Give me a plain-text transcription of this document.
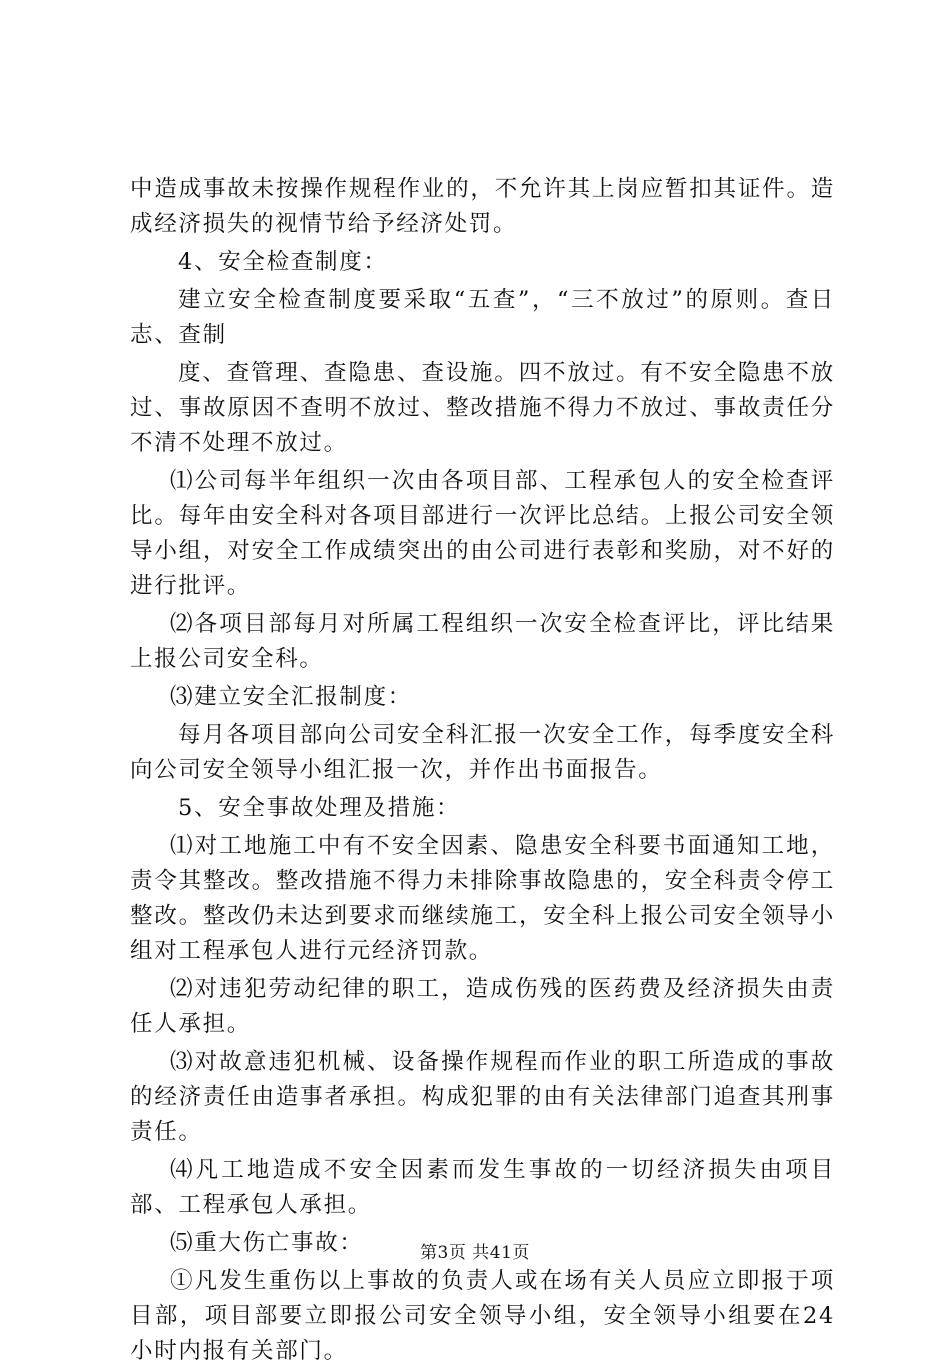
中造成事故未按操作规程作业的，不允许其上岗应暂扣其证件。造成经济损失的视情节给予经济处罚。

4、安全检查制度：

建立安全检查制度要采取“五查”，“三不放过”的原则。查日志、查制

度、查管理、查隐患、查设施。四不放过。有不安全隐患不放过、事故原因不查明不放过、整改措施不得力不放过、事故责任分不清不处理不放过。

⑴公司每半年组织一次由各项目部、工程承包人的安全检查评比。每年由安全科对各项目部进行一次评比总结。上报公司安全领导小组，对安全工作成绩突出的由公司进行表彰和奖励，对不好的进行批评。

⑵各项目部每月对所属工程组织一次安全检查评比，评比结果上报公司安全科。

⑶建立安全汇报制度：

每月各项目部向公司安全科汇报一次安全工作，每季度安全科向公司安全领导小组汇报一次，并作出书面报告。

5、安全事故处理及措施：

⑴对工地施工中有不安全因素、隐患安全科要书面通知工地，责令其整改。整改措施不得力未排除事故隐患的，安全科责令停工整改。整改仍未达到要求而继续施工，安全科上报公司安全领导小组对工程承包人进行元经济罚款。

⑵对违犯劳动纪律的职工，造成伤残的医药费及经济损失由责任人承担。

⑶对故意违犯机械、设备操作规程而作业的职工所造成的事故的经济责任由造事者承担。构成犯罪的由有关法律部门追查其刑事责任。

⑷凡工地造成不安全因素而发生事故的一切经济损失由项目部、工程承包人承担。

⑸重大伤亡事故：

①凡发生重伤以上事故的负责人或在场有关人员应立即报于项目部，项目部要立即报公司安全领导小组，安全领导小组要在24小时内报有关部门。

第3页 共41页
